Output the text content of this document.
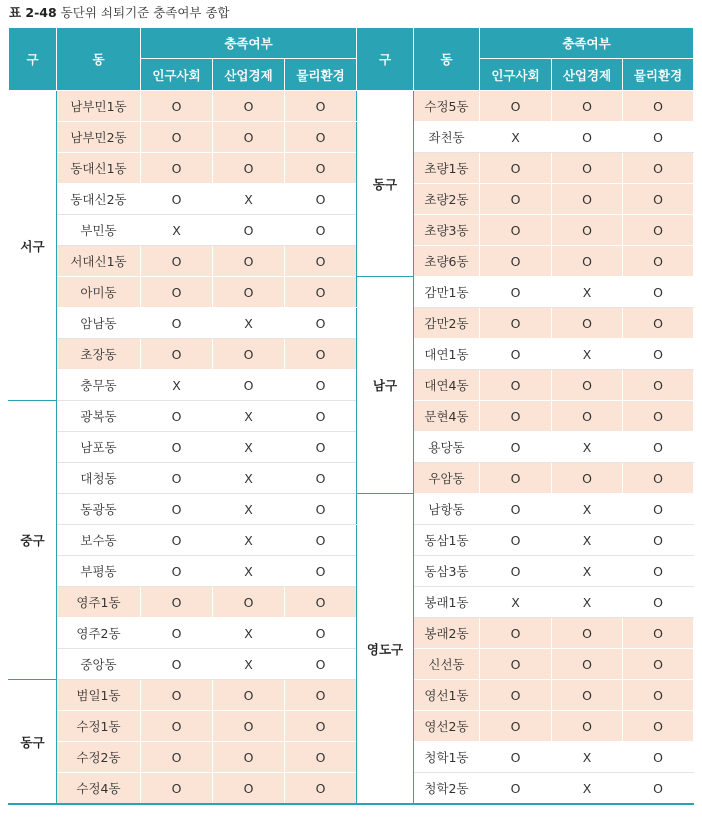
표 2-48 동단위 쇠퇴기준 충족여부 종합
구	동	충족여부			구	동	충족여부		
		인구사회	산업경제	물리환경			인구사회	산업경제	물리환경
서구	남부민1동	O	O	O	동구	수정5동	O	O	O
	남부민2동	O	O	O		좌천동	X	O	O
	동대신1동	O	O	O		초량1동	O	O	O
	동대신2동	O	X	O		초량2동	O	O	O
	부민동	X	O	O		초량3동	O	O	O
	서대신1동	O	O	O		초량6동	O	O	O
	아미동	O	O	O	남구	감만1동	O	X	O
	암남동	O	X	O		감만2동	O	O	O
	초장동	O	O	O		대연1동	O	X	O
	충무동	X	O	O		대연4동	O	O	O
중구	광복동	O	X	O		문현4동	O	O	O
	남포동	O	X	O		용당동	O	X	O
	대청동	O	X	O		우암동	O	O	O
	동광동	O	X	O	영도구	남항동	O	X	O
	보수동	O	X	O		동삼1동	O	X	O
	부평동	O	X	O		동삼3동	O	X	O
	영주1동	O	O	O		봉래1동	X	X	O
	영주2동	O	X	O		봉래2동	O	O	O
	중앙동	O	X	O		신선동	O	O	O
동구	범일1동	O	O	O		영선1동	O	O	O
	수정1동	O	O	O		영선2동	O	O	O
	수정2동	O	O	O		청학1동	O	X	O
	수정4동	O	O	O		청학2동	O	X	O
